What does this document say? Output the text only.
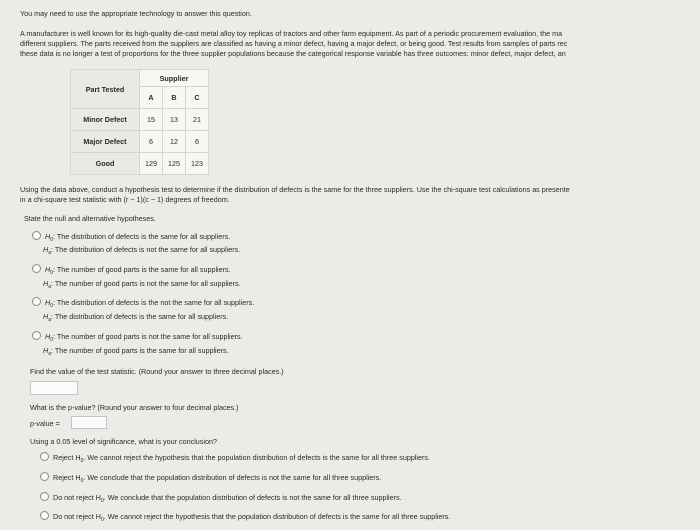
You may need to use the appropriate technology to answer this question.
A manufacturer is well known for its high-quality die-cast metal alloy toy replicas of tractors and other farm equipment. As part of a periodic procurement evaluation, the ma
different suppliers. The parts received from the suppliers are classified as having a minor defect, having a major defect, or being good. Test results from samples of parts rec
these data is no longer a test of proportions for the three supplier populations because the categorical response variable has three outcomes: minor defect, major defect, an
Part Tested	Supplier		
	A	B	C
Minor Defect	15	13	21
Major Defect	6	12	6
Good	129	125	123
Using the data above, conduct a hypothesis test to determine if the distribution of defects is the same for the three suppliers. Use the chi-square test calculations as presente
in a chi-square test statistic with (r − 1)(c − 1) degrees of freedom.
State the null and alternative hypotheses.
$H_0$: The distribution of defects is the same for all suppliers.
$H_a$: The distribution of defects is not the same for all suppliers.
$H_0$: The number of good parts is the same for all suppliers.
$H_a$: The number of good parts is not the same for all suppliers.
$H_0$: The distribution of defects is the not the same for all suppliers.
$H_a$: The distribution of defects is the same for all suppliers.
$H_0$: The number of good parts is not the same for all suppliers.
$H_a$: The number of good parts is the same for all suppliers.
Find the value of the test statistic. (Round your answer to three decimal places.)
What is the p-value? (Round your answer to four decimal places.)
p-value =
Using a 0.05 level of significance, what is your conclusion?
Reject $H_0$. We cannot reject the hypothesis that the population distribution of defects is the same for all three suppliers.
Reject $H_0$. We conclude that the population distribution of defects is not the same for all three suppliers.
Do not reject $H_0$. We conclude that the population distribution of defects is not the same for all three suppliers.
Do not reject $H_0$. We cannot reject the hypothesis that the population distribution of defects is the same for all three suppliers.
